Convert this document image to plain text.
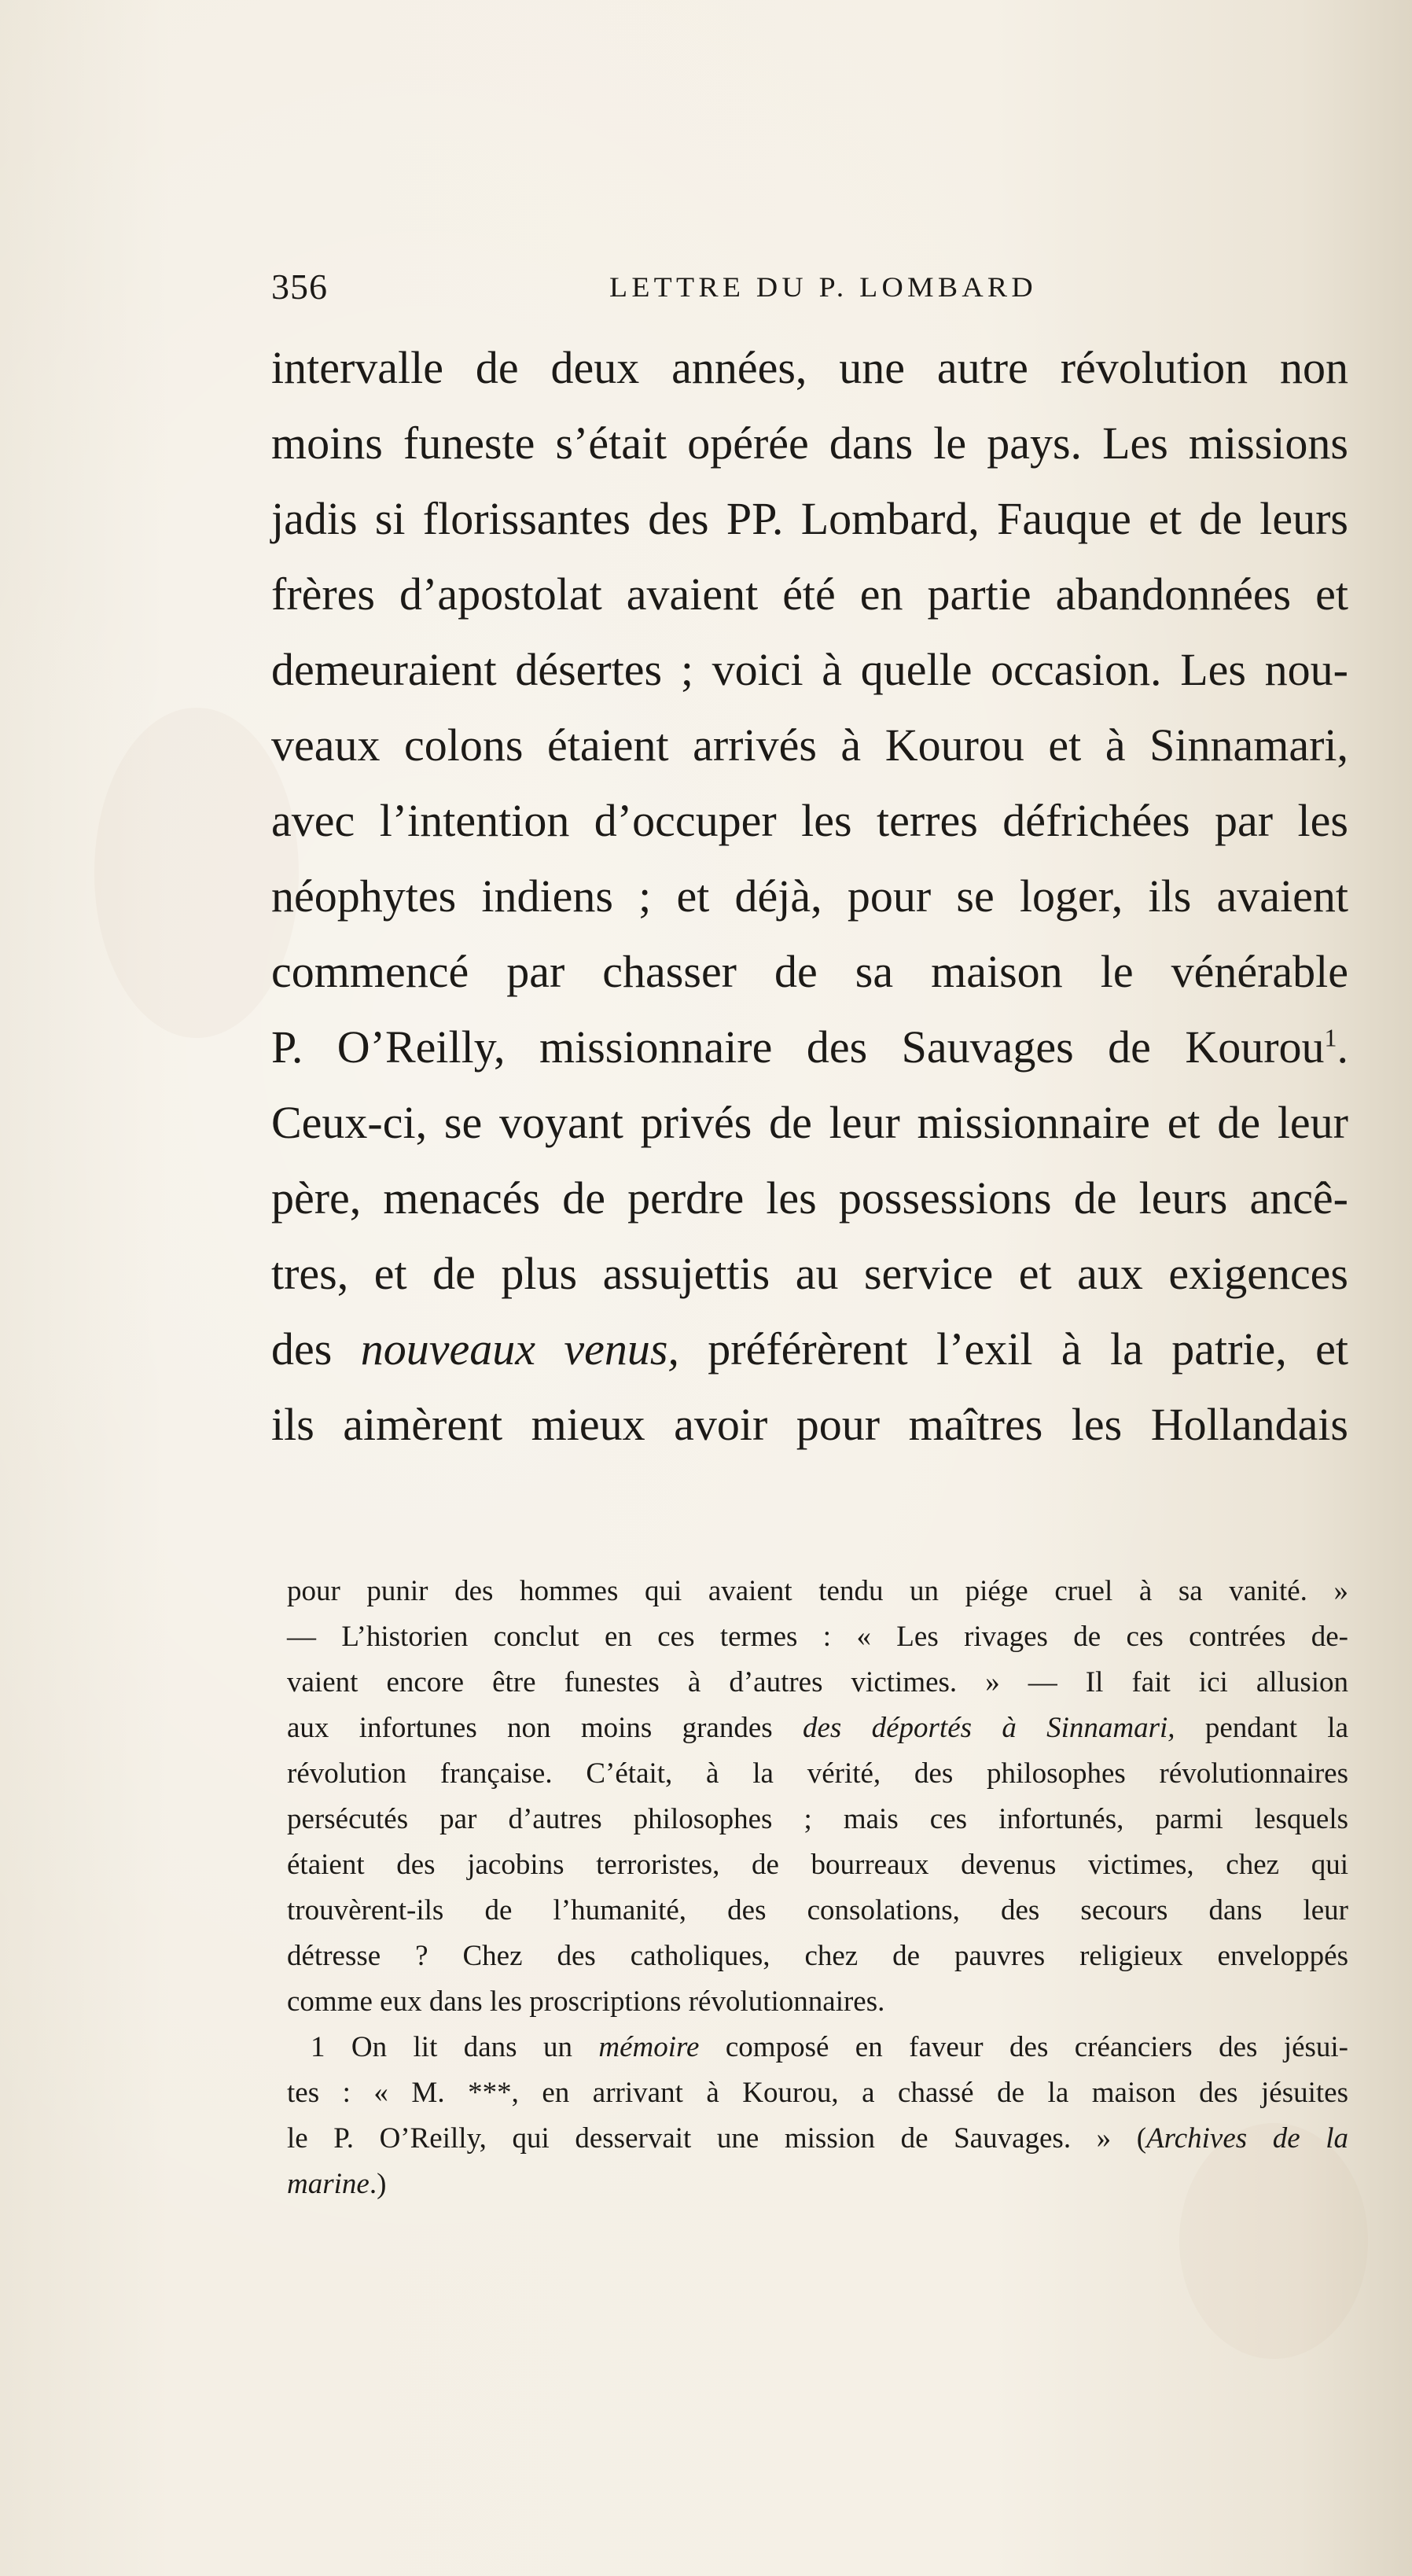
356	LETTRE DU P. LOMBARD
intervalle de deux années, une autre révolution non
moins funeste s’était opérée dans le pays. Les missions
jadis si florissantes des PP. Lombard, Fauque et de leurs
frères d’apostolat avaient été en partie abandonnées et
demeuraient désertes ; voici à quelle occasion. Les nou-
veaux colons étaient arrivés à Kourou et à Sinnamari,
avec l’intention d’occuper les terres défrichées par les
néophytes indiens ; et déjà, pour se loger, ils avaient
commencé par chasser de sa maison le vénérable
P. O’Reilly, missionnaire des Sauvages de Kourou$^1$.
Ceux-ci, se voyant privés de leur missionnaire et de leur
père, menacés de perdre les possessions de leurs ancê-
tres, et de plus assujettis au service et aux exigences
des nouveaux venus, préférèrent l’exil à la patrie, et
ils aimèrent mieux avoir pour maîtres les Hollandais
pour punir des hommes qui avaient tendu un piége cruel à sa vanité. »
— L’historien conclut en ces termes : « Les rivages de ces contrées de-
vaient encore être funestes à d’autres victimes. » — Il fait ici allusion
aux infortunes non moins grandes des déportés à Sinnamari, pendant la
révolution française. C’était, à la vérité, des philosophes révolutionnaires
persécutés par d’autres philosophes ; mais ces infortunés, parmi lesquels
étaient des jacobins terroristes, de bourreaux devenus victimes, chez qui
trouvèrent-ils de l’humanité, des consolations, des secours dans leur
détresse ? Chez des catholiques, chez de pauvres religieux enveloppés
comme eux dans les proscriptions révolutionnaires.
1 On lit dans un mémoire composé en faveur des créanciers des jésui-
tes : « M. ***, en arrivant à Kourou, a chassé de la maison des jésuites
le P. O’Reilly, qui desservait une mission de Sauvages. » (Archives de la
marine.)
